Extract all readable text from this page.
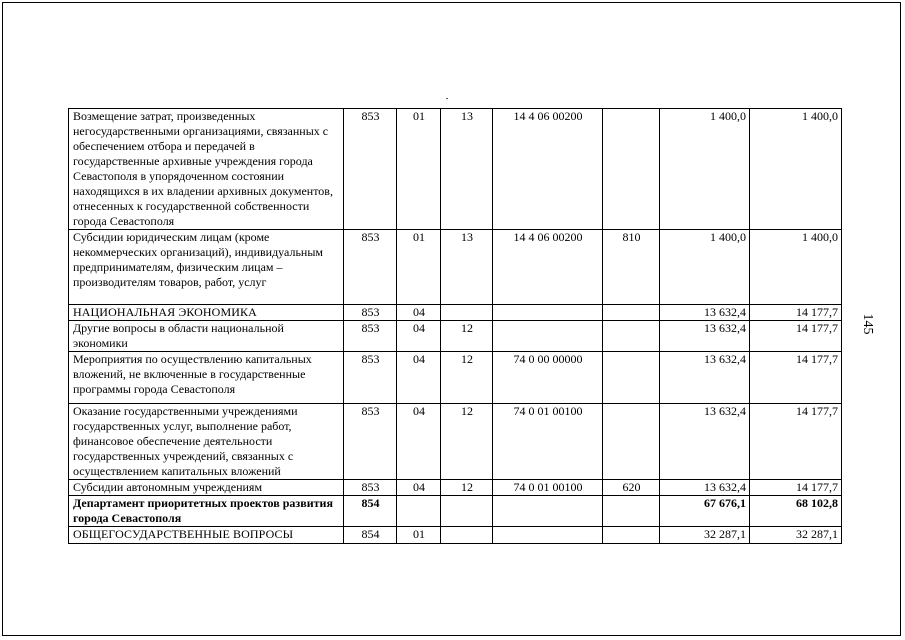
Возмещение затрат, произведенных негосударственными организациями, связанных с обеспечением отбора и передачей в государственные архивные учреждения города Севастополя в упорядоченном состоянии находящихся в их владении архивных документов, отнесенных к государственной собственности города Севастополя	853	01	13	14 4 06 00200		1 400,0	1 400,0
Субсидии юридическим лицам (кроме некоммерческих организаций), индивидуальным предпринимателям, физическим лицам – производителям товаров, работ, услуг	853	01	13	14 4 06 00200	810	1 400,0	1 400,0
НАЦИОНАЛЬНАЯ ЭКОНОМИКА	853	04				13 632,4	14 177,7
Другие вопросы в области национальной экономики	853	04	12			13 632,4	14 177,7
Мероприятия по осуществлению капитальных вложений, не включенные в государственные программы города Севастополя	853	04	12	74 0 00 00000		13 632,4	14 177,7
Оказание государственными учреждениями государственных услуг, выполнение работ, финансовое обеспечение деятельности государственных учреждений, связанных с осуществлением капитальных вложений	853	04	12	74 0 01 00100		13 632,4	14 177,7
Субсидии автономным учреждениям	853	04	12	74 0 01 00100	620	13 632,4	14 177,7
Департамент приоритетных проектов развития города Севастополя	854					67 676,1	68 102,8
ОБЩЕГОСУДАРСТВЕННЫЕ ВОПРОСЫ	854	01				32 287,1	32 287,1
145
